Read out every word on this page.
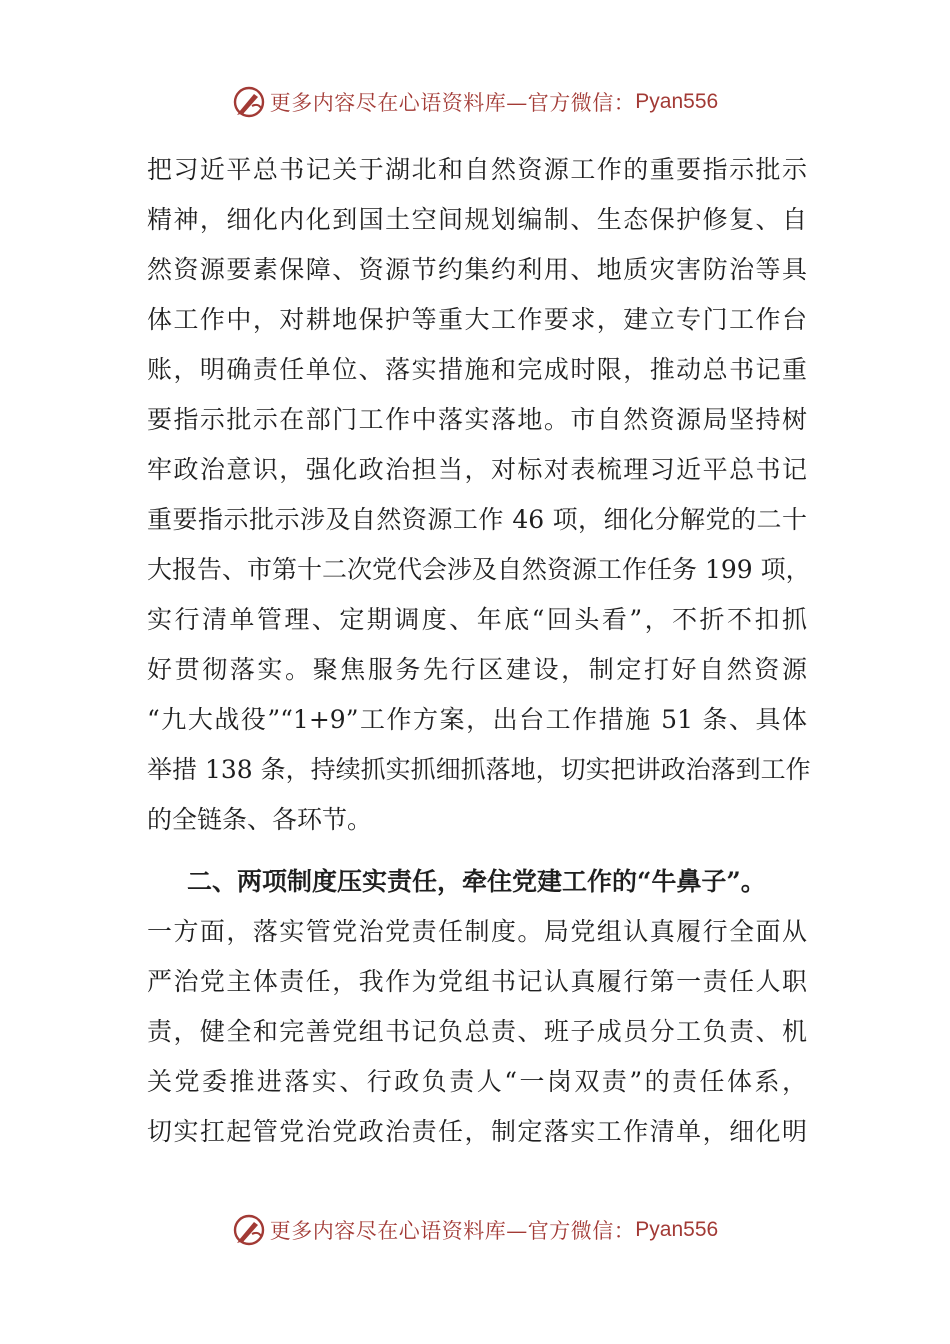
更多内容尽在心语资料库—官方微信： Pyan556
把习近平总书记关于湖北和自然资源工作的重要指示批示
精神，细化内化到国土空间规划编制、生态保护修复、自
然资源要素保障、资源节约集约利用、地质灾害防治等具
体工作中，对耕地保护等重大工作要求，建立专门工作台
账，明确责任单位、落实措施和完成时限，推动总书记重
要指示批示在部门工作中落实落地。市自然资源局坚持树
牢政治意识，强化政治担当，对标对表梳理习近平总书记
重要指示批示涉及自然资源工作 46 项，细化分解党的二十
大报告、市第十二次党代会涉及自然资源工作任务 199 项，
实行清单管理、定期调度、年底“回头看”，不折不扣抓
好贯彻落实。聚焦服务先行区建设，制定打好自然资源
“九大战役”“1+9”工作方案，出台工作措施 51 条、具体
举措 138 条，持续抓实抓细抓落地，切实把讲政治落到工作
的全链条、各环节。
二、两项制度压实责任，牵住党建工作的“牛鼻子”。
一方面，落实管党治党责任制度。局党组认真履行全面从
严治党主体责任，我作为党组书记认真履行第一责任人职
责，健全和完善党组书记负总责、班子成员分工负责、机
关党委推进落实、行政负责人“一岗双责”的责任体系，
切实扛起管党治党政治责任，制定落实工作清单，细化明
更多内容尽在心语资料库—官方微信： Pyan556
